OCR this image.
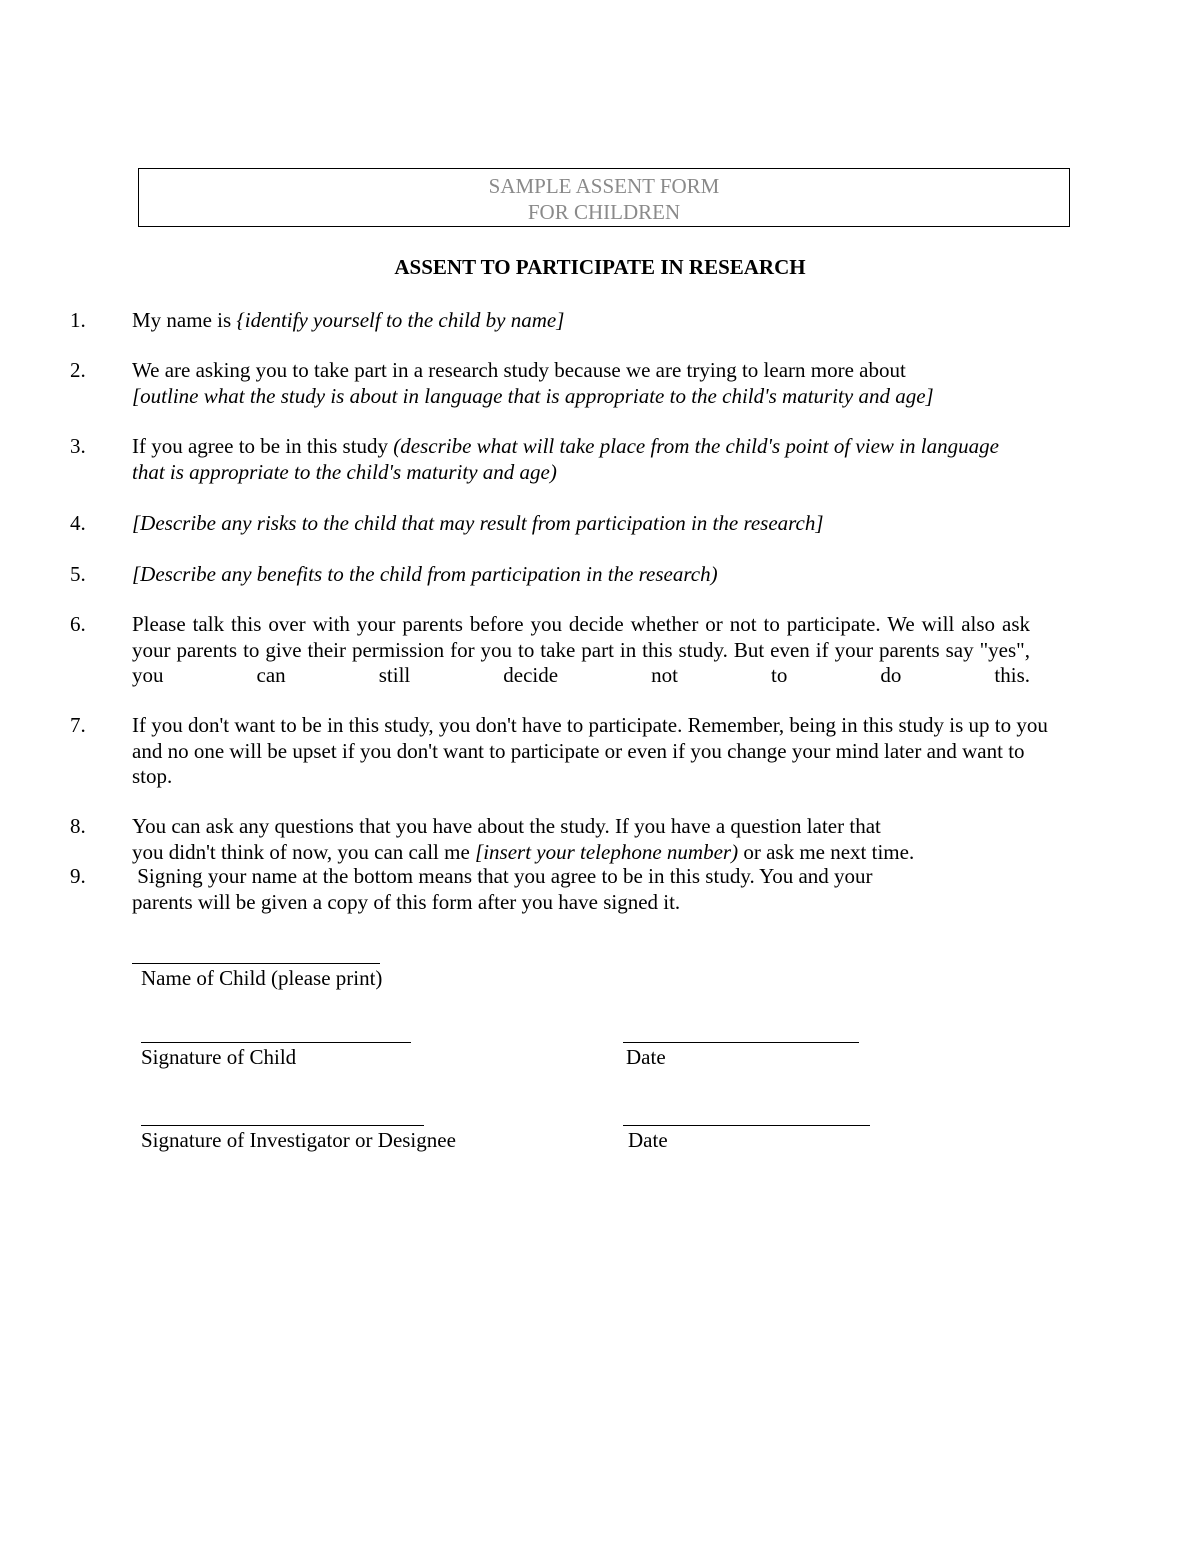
SAMPLE ASSENT FORM
FOR CHILDREN
ASSENT TO PARTICIPATE IN RESEARCH
1. My name is {identify yourself to the child by name]
2. We are asking you to take part in a research study because we are trying to learn more about
[outline what the study is about in language that is appropriate to the child's maturity and age]
3. If you agree to be in this study (describe what will take place from the child's point of view in language that is appropriate to the child's maturity and age)
4. [Describe any risks to the child that may result from participation in the research]
5. [Describe any benefits to the child from participation in the research)
6. Please talk this over with your parents before you decide whether or not to participate. We will also ask your parents to give their permission for you to take part in this study. But even if your parents say "yes", you can still decide not to do this.
7. If you don't want to be in this study, you don't have to participate. Remember, being in this study is up to you and no one will be upset if you don't want to participate or even if you change your mind later and want to stop.
8. You can ask any questions that you have about the study. If you have a question later that
you didn't think of now, you can call me [insert your telephone number) or ask me next time.
9. Signing your name at the bottom means that you agree to be in this study. You and your
parents will be given a copy of this form after you have signed it.
Name of Child (please print)
Signature of Child	Date
Signature of Investigator or Designee	Date
